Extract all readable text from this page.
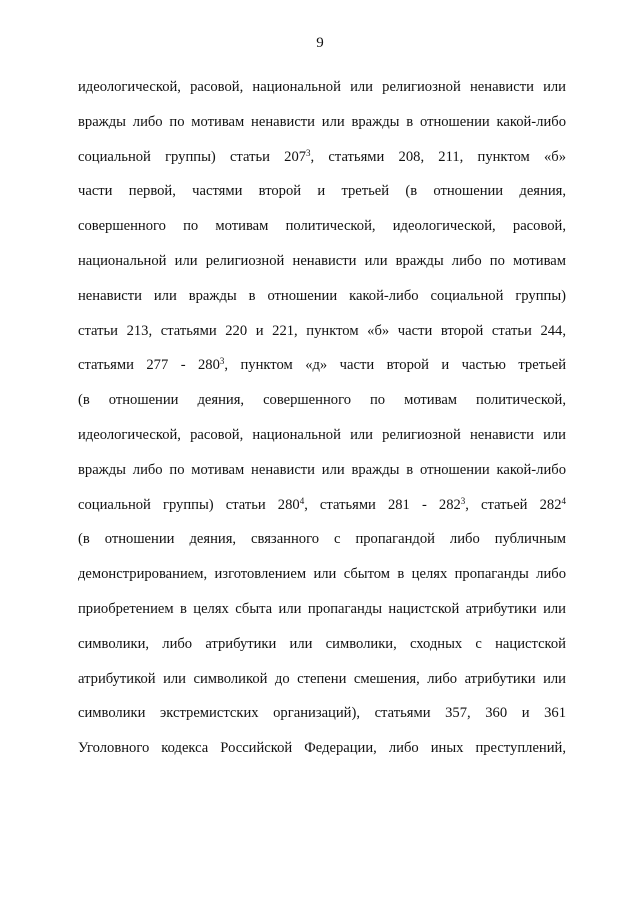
9
идеологической, расовой, национальной или религиозной ненависти или
вражды либо по мотивам ненависти или вражды в отношении какой-либо
социальной группы) статьи $207^3$, статьями 208, 211, пунктом «б»
части первой, частями второй и третьей (в отношении деяния,
совершенного по мотивам политической, идеологической, расовой,
национальной или религиозной ненависти или вражды либо по мотивам
ненависти или вражды в отношении какой-либо социальной группы)
статьи 213, статьями 220 и 221, пунктом «б» части второй статьи 244,
статьями $277 - 280^3$, пунктом «д» части второй и частью третьей
(в отношении деяния, совершенного по мотивам политической,
идеологической, расовой, национальной или религиозной ненависти или
вражды либо по мотивам ненависти или вражды в отношении какой-либо
социальной группы) статьи $280^4$, статьями $281 - 282^3$, статьей $282^4$
(в отношении деяния, связанного с пропагандой либо публичным
демонстрированием, изготовлением или сбытом в целях пропаганды либо
приобретением в целях сбыта или пропаганды нацистской атрибутики или
символики, либо атрибутики или символики, сходных с нацистской
атрибутикой или символикой до степени смешения, либо атрибутики или
символики экстремистских организаций), статьями 357, 360 и 361
Уголовного кодекса Российской Федерации, либо иных преступлений,
